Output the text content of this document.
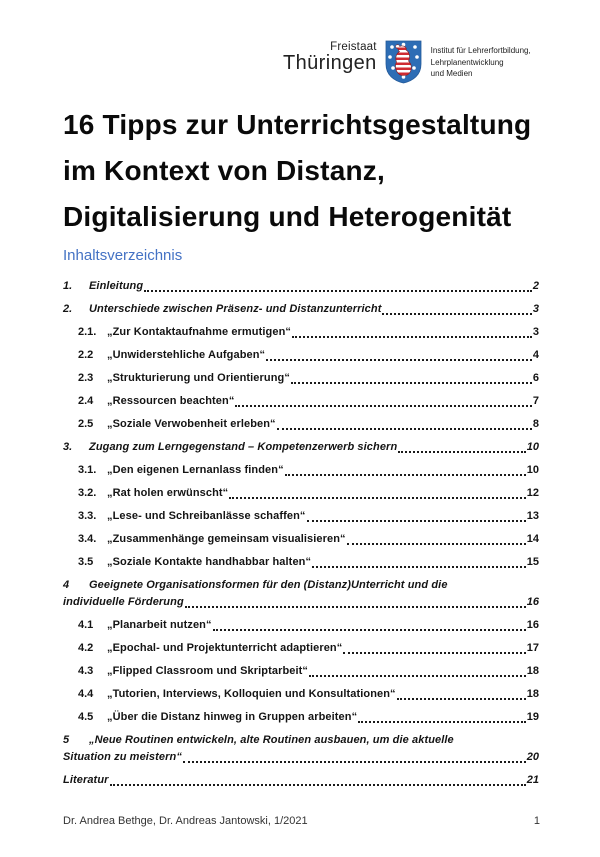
Freistaat
Thüringen
Institut für Lehrerfortbildung,
Lehrplanentwicklung
und Medien
16 Tipps zur Unterrichtsgestaltung
im Kontext von Distanz,
Digitalisierung und Heterogenität
Inhaltsverzeichnis
1.	Einleitung	2
2.	Unterschiede zwischen Präsenz- und Distanzunterricht	3
2.1. „Zur Kontaktaufnahme ermutigen“	3
2.2	„Unwiderstehliche Aufgaben“	4
2.3	„Strukturierung und Orientierung“	6
2.4	„Ressourcen beachten“	7
2.5	„Soziale Verwobenheit erleben“	8
3.	Zugang zum Lerngegenstand – Kompetenzerwerb sichern	10
3.1. „Den eigenen Lernanlass finden“	10
3.2. „Rat holen erwünscht“	12
3.3. „Lese- und Schreibanlässe schaffen“	13
3.4. „Zusammenhänge gemeinsam visualisieren“	14
3.5	„Soziale Kontakte handhabbar halten“	15
4	Geeignete Organisationsformen für den (Distanz)Unterricht und die
individuelle Förderung	16
4.1	„Planarbeit nutzen“	16
4.2	„Epochal- und Projektunterricht adaptieren“	17
4.3	„Flipped Classroom und Skriptarbeit“	18
4.4	„Tutorien, Interviews, Kolloquien und Konsultationen“	18
4.5	„Über die Distanz hinweg in Gruppen arbeiten“	19
5	„Neue Routinen entwickeln, alte Routinen ausbauen, um die aktuelle
Situation zu meistern“	20
Literatur	21
Dr. Andrea Bethge, Dr. Andreas Jantowski, 1/2021	1
